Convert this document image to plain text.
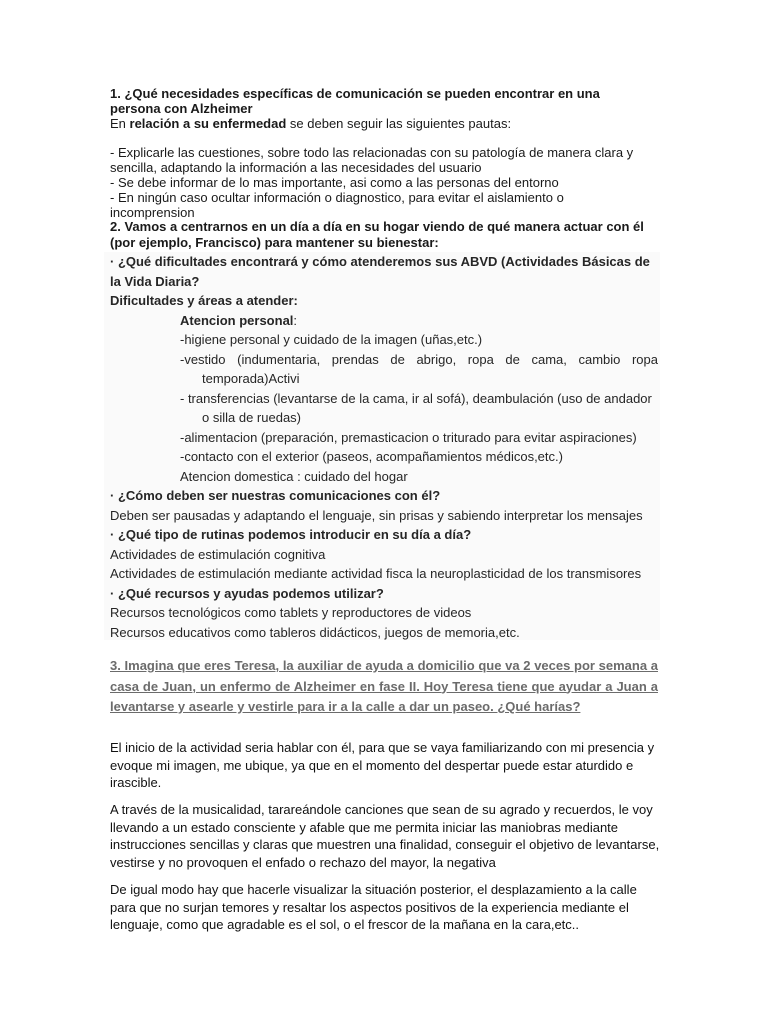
1. ¿Qué necesidades específicas de comunicación se pueden encontrar en una persona con Alzheimer
En relación a su enfermedad se deben seguir las siguientes pautas:
- Explicarle las cuestiones, sobre todo las relacionadas con su patología de manera clara y sencilla, adaptando la información a las necesidades del usuario
- Se debe informar de lo mas importante, asi como a las personas del entorno
- En ningún caso ocultar información o diagnostico, para evitar el aislamiento o incomprension
2. Vamos a centrarnos en un día a día en su hogar viendo de qué manera actuar con él (por ejemplo, Francisco) para mantener su bienestar:
· ¿Qué dificultades encontrará y cómo atenderemos sus ABVD (Actividades Básicas de la Vida Diaria?
Dificultades y áreas a atender:
Atencion personal:
-higiene personal y cuidado de la imagen (uñas,etc.)
-vestido (indumentaria, prendas de abrigo, ropa de cama, cambio ropa
temporada)Activi
- transferencias (levantarse de la cama, ir al sofá), deambulación (uso de andador
o silla de ruedas)
-alimentacion (preparación, premasticacion o triturado para evitar aspiraciones)
-contacto con el exterior (paseos, acompañamientos médicos,etc.)
Atencion domestica : cuidado del hogar
· ¿Cómo deben ser nuestras comunicaciones con él?
Deben ser pausadas y adaptando el lenguaje, sin prisas y sabiendo interpretar los mensajes
· ¿Qué tipo de rutinas podemos introducir en su día a día?
Actividades de estimulación cognitiva
Actividades de estimulación mediante actividad fisca la neuroplasticidad de los transmisores
· ¿Qué recursos y ayudas podemos utilizar?
Recursos tecnológicos como tablets y reproductores de videos
Recursos educativos como tableros didácticos, juegos de memoria,etc.
3. Imagina que eres Teresa, la auxiliar de ayuda a domicilio que va 2 veces por semana a casa de Juan, un enfermo de Alzheimer en fase II. Hoy Teresa tiene que ayudar a Juan a levantarse y asearle y vestirle para ir a la calle a dar un paseo. ¿Qué harías?
El inicio de la actividad seria hablar con él, para que se vaya familiarizando con mi presencia y evoque mi imagen, me ubique, ya que en el momento del despertar puede estar aturdido e irascible.
A través de la musicalidad, tarareándole canciones que sean de su agrado y recuerdos, le voy llevando a un estado consciente y afable que me permita iniciar las maniobras mediante instrucciones sencillas y claras que muestren una finalidad, conseguir el objetivo de levantarse, vestirse y no provoquen el enfado o rechazo del mayor, la negativa
De igual modo hay que hacerle visualizar la situación posterior, el desplazamiento a la calle para que no surjan temores y resaltar los aspectos positivos de la experiencia mediante el lenguaje, como que agradable es el sol, o el frescor de la mañana en la cara,etc..
